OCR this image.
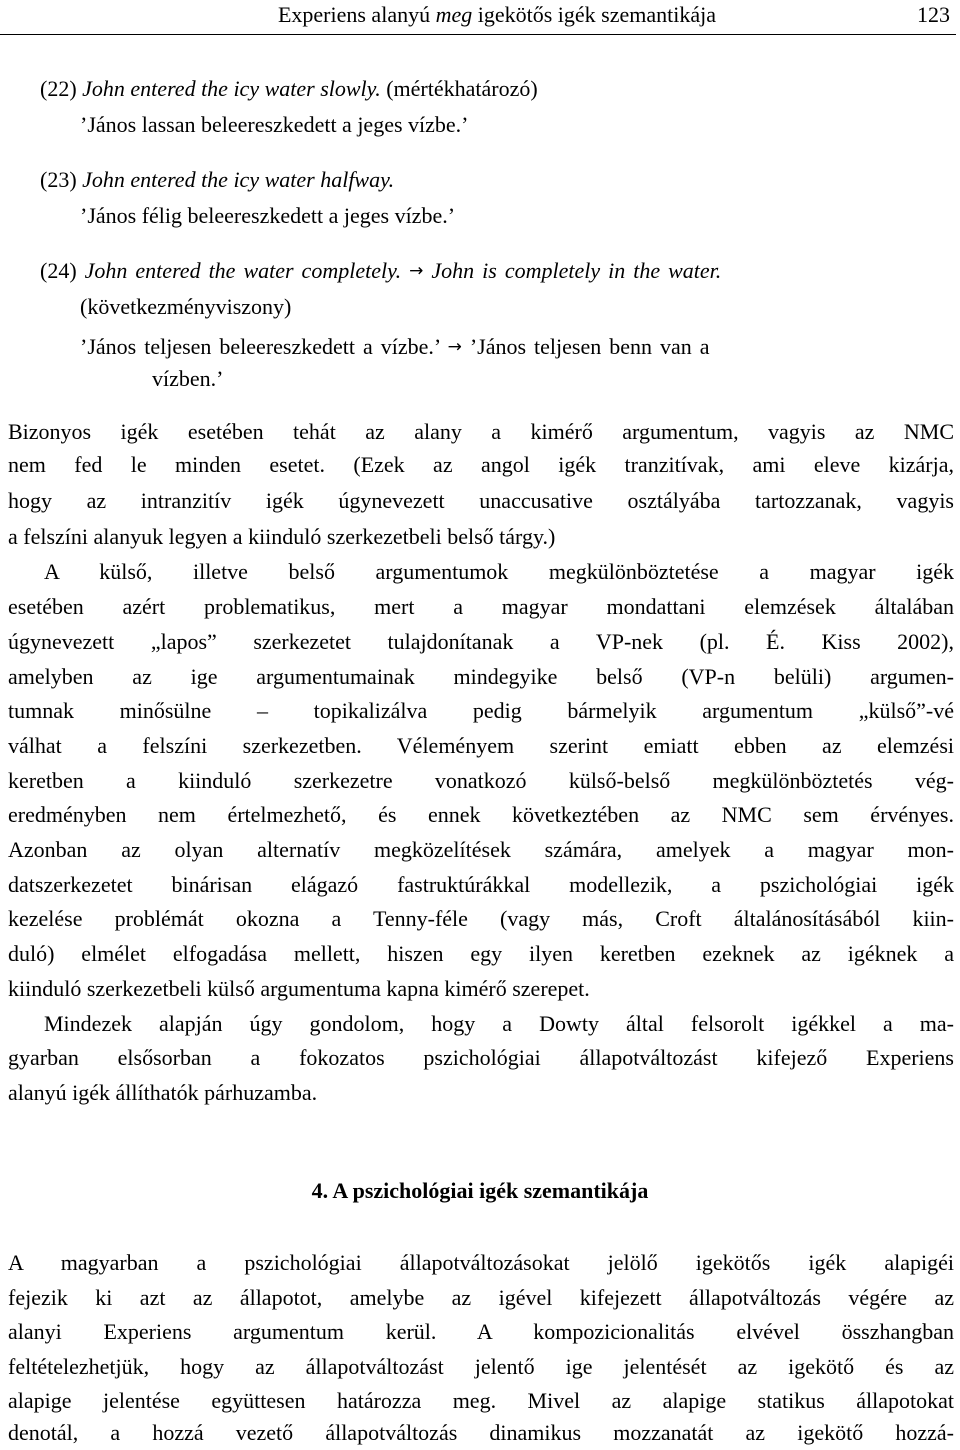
Experiens alanyú meg igekötős igék szemantikája	123
(22) John entered the icy water slowly. (mértékhatározó)
’János lassan beleereszkedett a jeges vízbe.’
(23) John entered the icy water halfway.
’János félig beleereszkedett a jeges vízbe.’
(24) John entered the water completely. → John is completely in the water.
(következményviszony)
’János teljesen beleereszkedett a vízbe.’ → ’János teljesen benn van a
vízben.’
Bizonyos igék esetében tehát az alany a kimérő argumentum, vagyis az NMC
nem fed le minden esetet. (Ezek az angol igék tranzitívak, ami eleve kizárja,
hogy az intranzitív igék úgynevezett unaccusative osztályába tartozzanak, vagyis
a felszíni alanyuk legyen a kiinduló szerkezetbeli belső tárgy.)
A külső, illetve belső argumentumok megkülönböztetése a magyar igék
esetében azért problematikus, mert a magyar mondattani elemzések általában
úgynevezett „lapos” szerkezetet tulajdonítanak a VP-nek (pl. É. Kiss 2002),
amelyben az ige argumentumainak mindegyike belső (VP-n belüli) argumen-
tumnak minősülne – topikalizálva pedig bármelyik argumentum „külső”-vé
válhat a felszíni szerkezetben. Véleményem szerint emiatt ebben az elemzési
keretben a kiinduló szerkezetre vonatkozó külső-belső megkülönböztetés vég-
eredményben nem értelmezhető, és ennek következtében az NMC sem érvényes.
Azonban az olyan alternatív megközelítések számára, amelyek a magyar mon-
datszerkezetet binárisan elágazó fastruktúrákkal modellezik, a pszichológiai igék
kezelése problémát okozna a Tenny-féle (vagy más, Croft általánosításából kiin-
duló) elmélet elfogadása mellett, hiszen egy ilyen keretben ezeknek az igéknek a
kiinduló szerkezetbeli külső argumentuma kapna kimérő szerepet.
Mindezek alapján úgy gondolom, hogy a Dowty által felsorolt igékkel a ma-
gyarban elsősorban a fokozatos pszichológiai állapotváltozást kifejező Experiens
alanyú igék állíthatók párhuzamba.
4. A pszichológiai igék szemantikája
A magyarban a pszichológiai állapotváltozásokat jelölő igekötős igék alapigéi
fejezik ki azt az állapotot, amelybe az igével kifejezett állapotváltozás végére az
alanyi Experiens argumentum kerül. A kompozicionalitás elvével összhangban
feltételezhetjük, hogy az állapotváltozást jelentő ige jelentését az igekötő és az
alapige jelentése együttesen határozza meg. Mivel az alapige statikus állapotokat
denotál, a hozzá vezető állapotváltozás dinamikus mozzanatát az igekötő hozzá-
